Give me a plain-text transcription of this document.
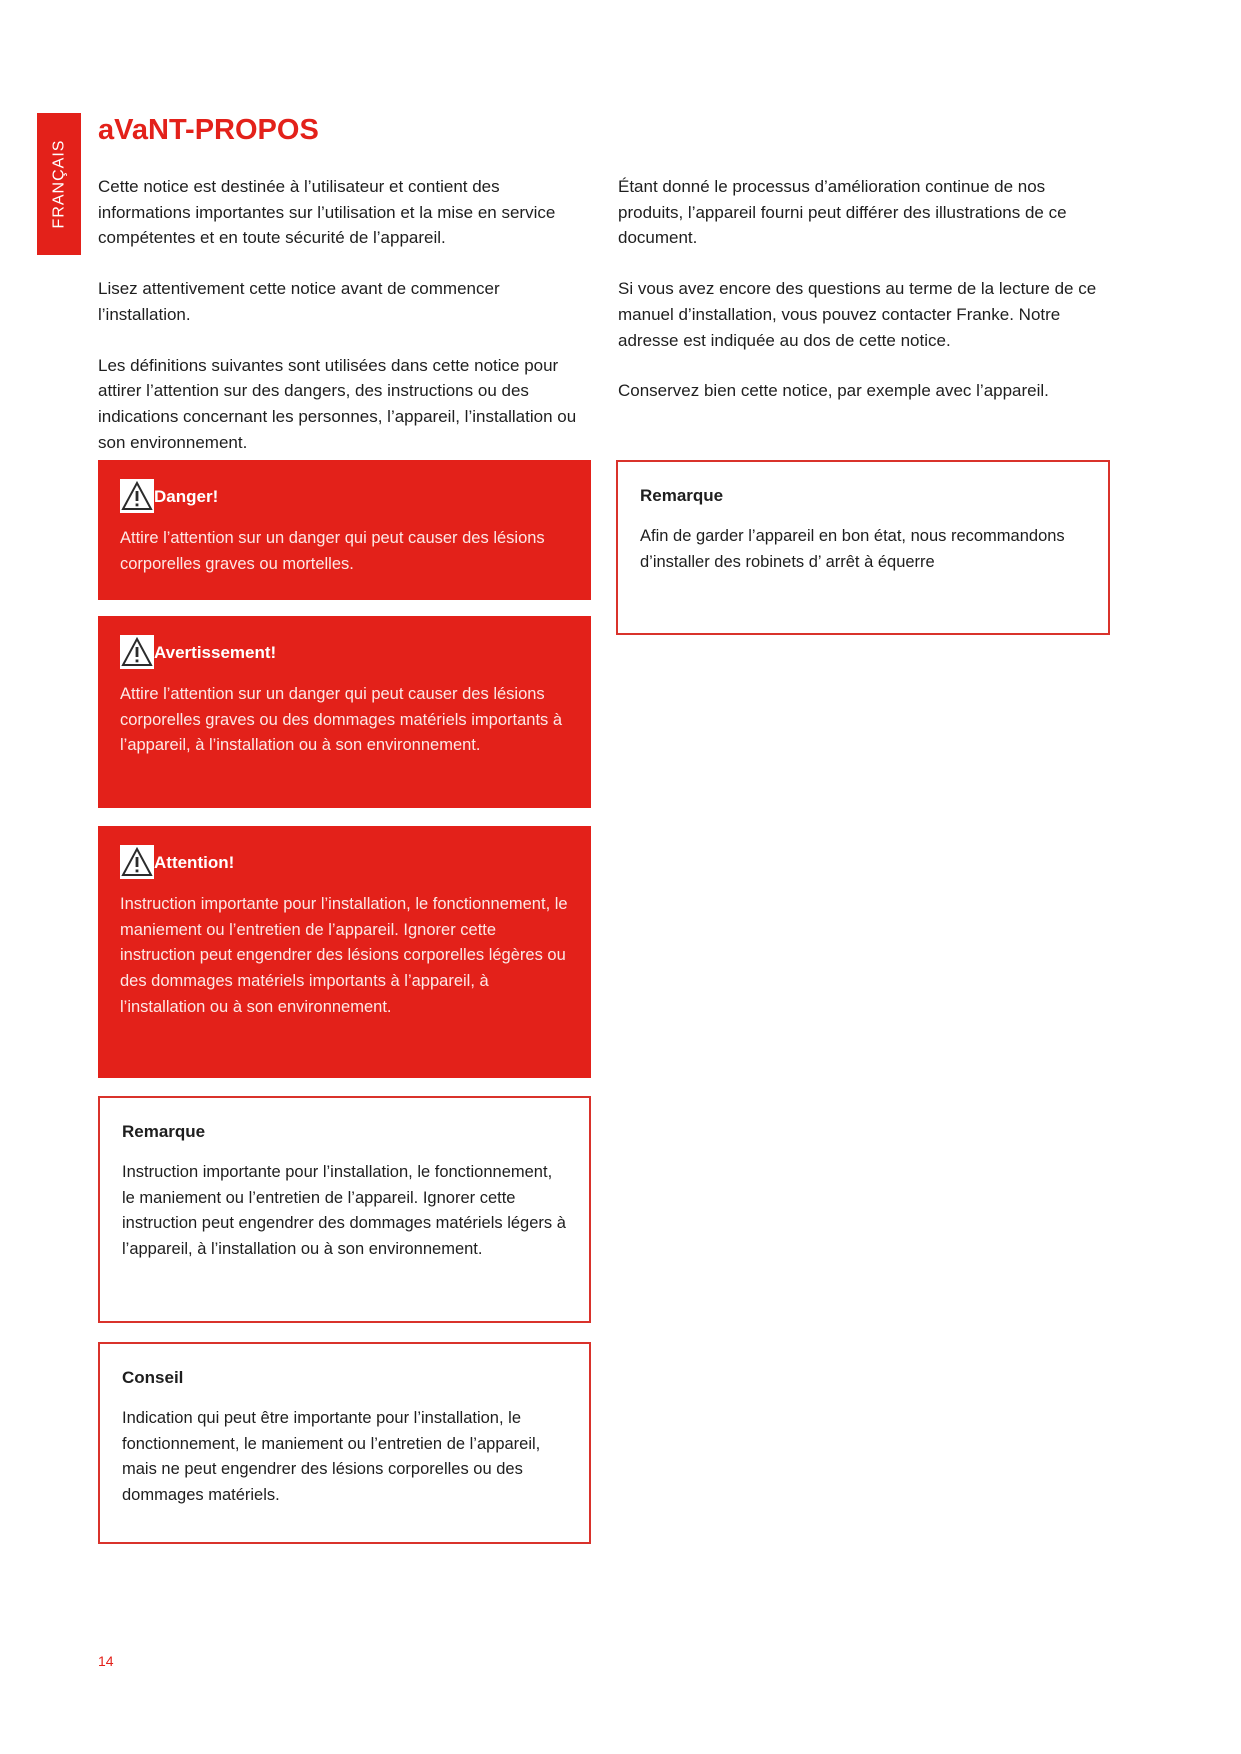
FRANÇAIS
aVaNT-PROPOS

Cette notice est destinée à l’utilisateur et contient des informations importantes sur l’utilisation et la mise en service compétentes et en toute sécurité de l’appareil.

Lisez attentivement cette notice avant de commencer l’installation.

Les définitions suivantes sont utilisées dans cette notice pour attirer l’attention sur des dangers, des instructions ou des indications concernant les personnes, l’appareil, l’installation ou son environnement.

Étant donné le processus d’amélioration continue de nos produits, l’appareil fourni peut différer des illustrations de ce document.

Si vous avez encore des questions au terme de la lecture de ce manuel d’installation, vous pouvez contacter Franke. Notre adresse est indiquée au dos de cette notice.

Conservez bien cette notice, par exemple avec l’appareil.

Danger!

Attire l’attention sur un danger qui peut causer des lésions corporelles graves ou mortelles.

Avertissement!

Attire l’attention sur un danger qui peut causer des lésions corporelles graves ou des dommages matériels importants à l’appareil, à l’installation ou à son environnement.

Attention!

Instruction importante pour l’installation, le fonctionnement, le maniement ou l’entretien de l’appareil. Ignorer cette instruction peut engendrer des lésions corporelles légères ou des dommages matériels importants à l’appareil, à l’installation ou à son environnement.

Remarque

Instruction importante pour l’installation, le fonctionnement, le maniement ou l’entretien de l’appareil. Ignorer cette instruction peut engendrer des dommages matériels légers à l’appareil, à l’installation ou à son environnement.

Conseil

Indication qui peut être importante pour l’installation, le fonctionnement, le maniement ou l’entretien de l’appareil, mais ne peut engendrer des lésions corporelles ou des dommages matériels.

Remarque

Afin de garder l’appareil en bon état, nous recommandons d’installer des robinets d’ arrêt à équerre

14
